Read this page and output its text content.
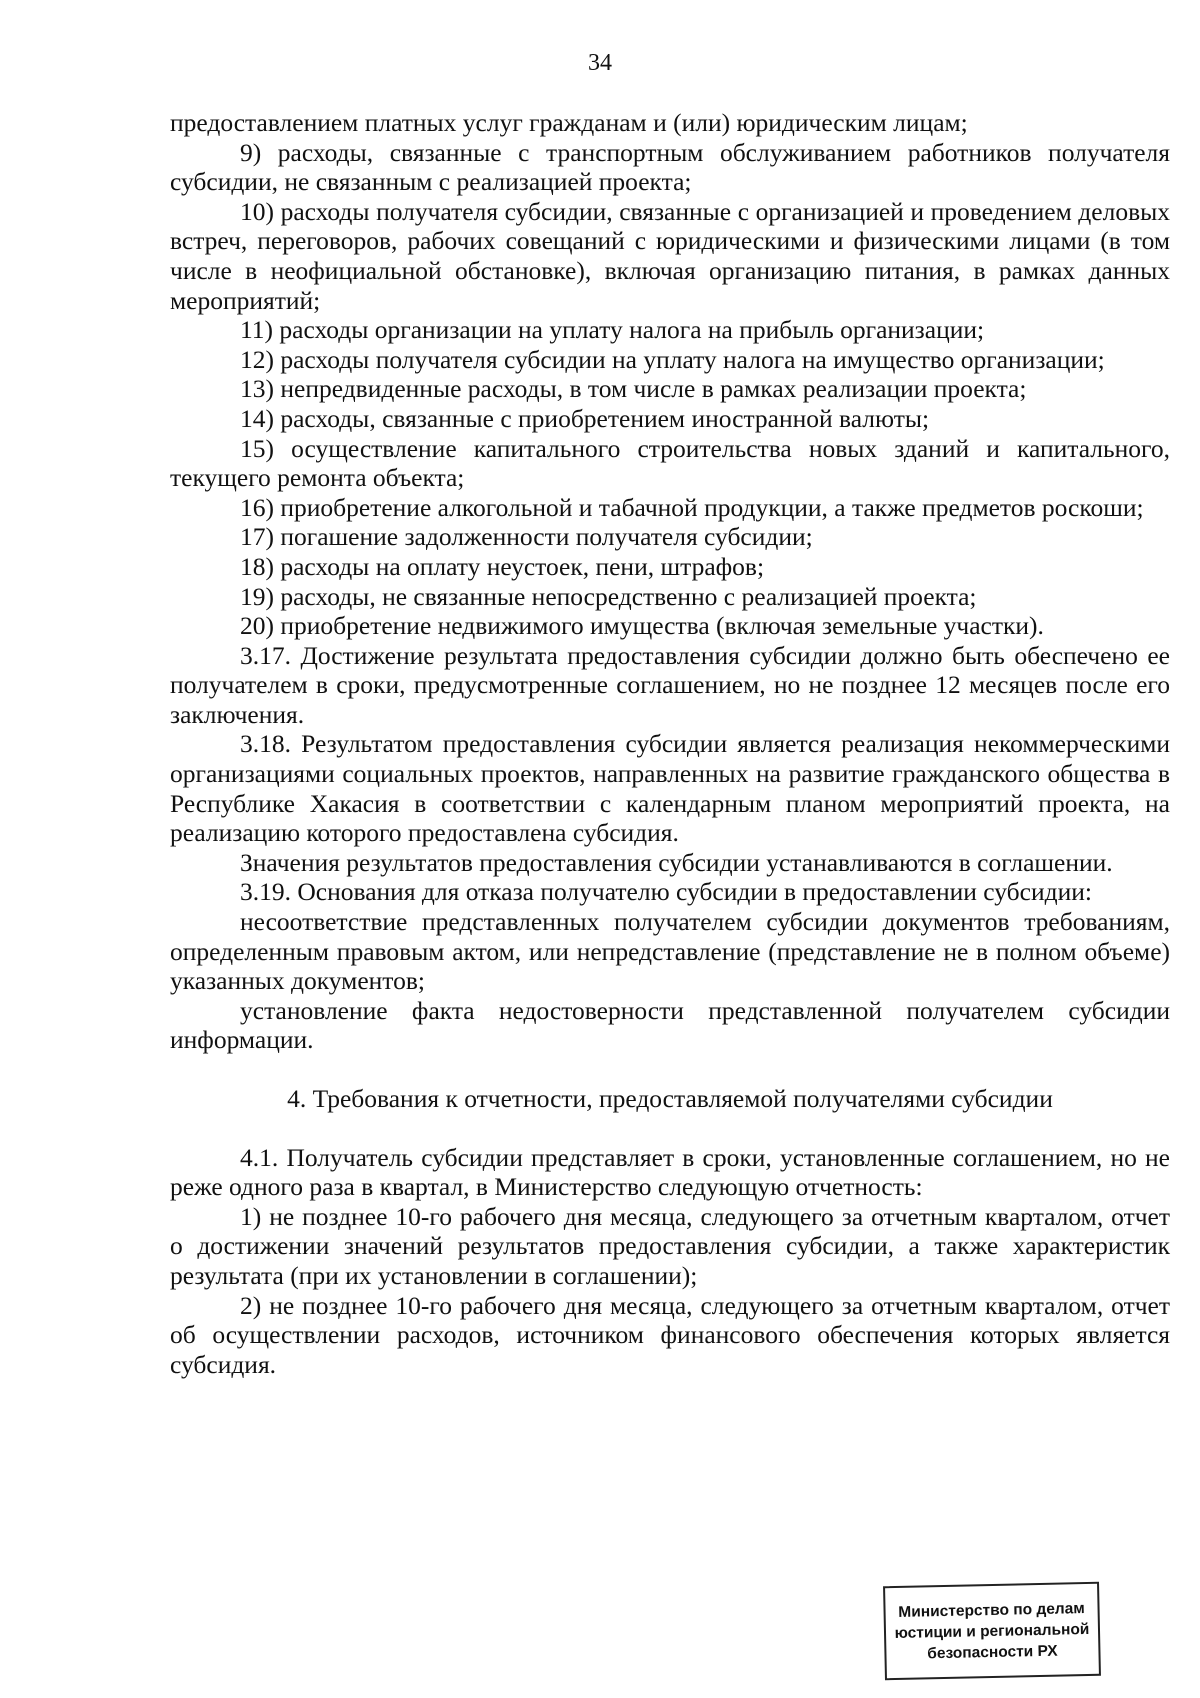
34

предоставлением платных услуг гражданам и (или) юридическим лицам;

9) расходы, связанные с транспортным обслуживанием работников получателя субсидии, не связанным с реализацией проекта;

10) расходы получателя субсидии, связанные с организацией и проведением деловых встреч, переговоров, рабочих совещаний с юридическими и физическими лицами (в том числе в неофициальной обстановке), включая организацию питания, в рамках данных мероприятий;

11) расходы организации на уплату налога на прибыль организации;

12) расходы получателя субсидии на уплату налога на имущество организации;

13) непредвиденные расходы, в том числе в рамках реализации проекта;

14) расходы, связанные с приобретением иностранной валюты;

15) осуществление капитального строительства новых зданий и капитального, текущего ремонта объекта;

16) приобретение алкогольной и табачной продукции, а также предметов роскоши;

17) погашение задолженности получателя субсидии;

18) расходы на оплату неустоек, пени, штрафов;

19) расходы, не связанные непосредственно с реализацией проекта;

20) приобретение недвижимого имущества (включая земельные участки).

3.17. Достижение результата предоставления субсидии должно быть обеспечено ее получателем в сроки, предусмотренные соглашением, но не позднее 12 месяцев после его заключения.

3.18. Результатом предоставления субсидии является реализация некоммерческими организациями социальных проектов, направленных на развитие гражданского общества в Республике Хакасия в соответствии с календарным планом мероприятий проекта, на реализацию которого предоставлена субсидия.

Значения результатов предоставления субсидии устанавливаются в соглашении.

3.19. Основания для отказа получателю субсидии в предоставлении субсидии:

несоответствие представленных получателем субсидии документов требованиям, определенным правовым актом, или непредставление (представление не в полном объеме) указанных документов;

установление факта недостоверности представленной получателем субсидии информации.

4. Требования к отчетности, предоставляемой получателями субсидии

4.1. Получатель субсидии представляет в сроки, установленные соглашением, но не реже одного раза в квартал, в Министерство следующую отчетность:

1) не позднее 10-го рабочего дня месяца, следующего за отчетным кварталом, отчет о достижении значений результатов предоставления субсидии, а также характеристик результата (при их установлении в соглашении);

2) не позднее 10-го рабочего дня месяца, следующего за отчетным кварталом, отчет об осуществлении расходов, источником финансового обеспечения которых является субсидия.

Министерство по делам
юстиции и региональной
безопасности РХ
